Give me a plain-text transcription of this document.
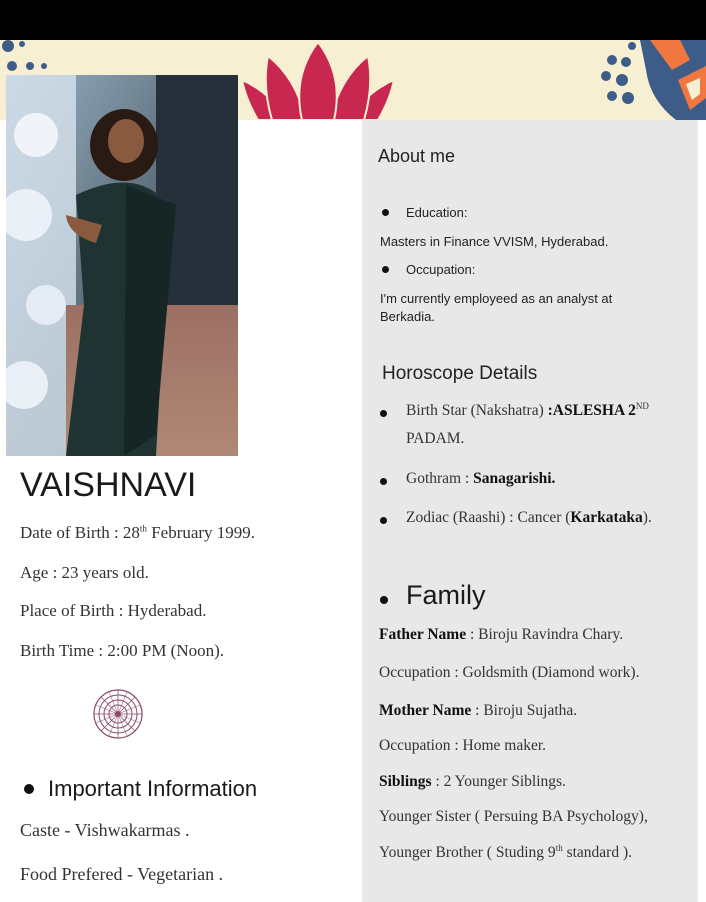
VAISHNAVI
Date of Birth : 28th February 1999.
Age : 23 years old.
Place of Birth : Hyderabad.
Birth Time : 2:00 PM (Noon).
Important Information
Caste - Vishwakarmas .
Food Prefered - Vegetarian .
About me
Education:
Masters in Finance VVISM, Hyderabad.
Occupation:
I'm currently employeed as an analyst at
Berkadia.
Horoscope Details
Birth Star (Nakshatra) :ASLESHA 2ND
PADAM.
Gothram : Sanagarishi.
Zodiac (Raashi) : Cancer (Karkataka).
Family
Father Name : Biroju Ravindra Chary.
Occupation : Goldsmith (Diamond work).
Mother Name : Biroju Sujatha.
Occupation : Home maker.
Siblings : 2 Younger Siblings.
Younger Sister ( Persuing BA Psychology),
Younger Brother ( Studing 9th standard ).
